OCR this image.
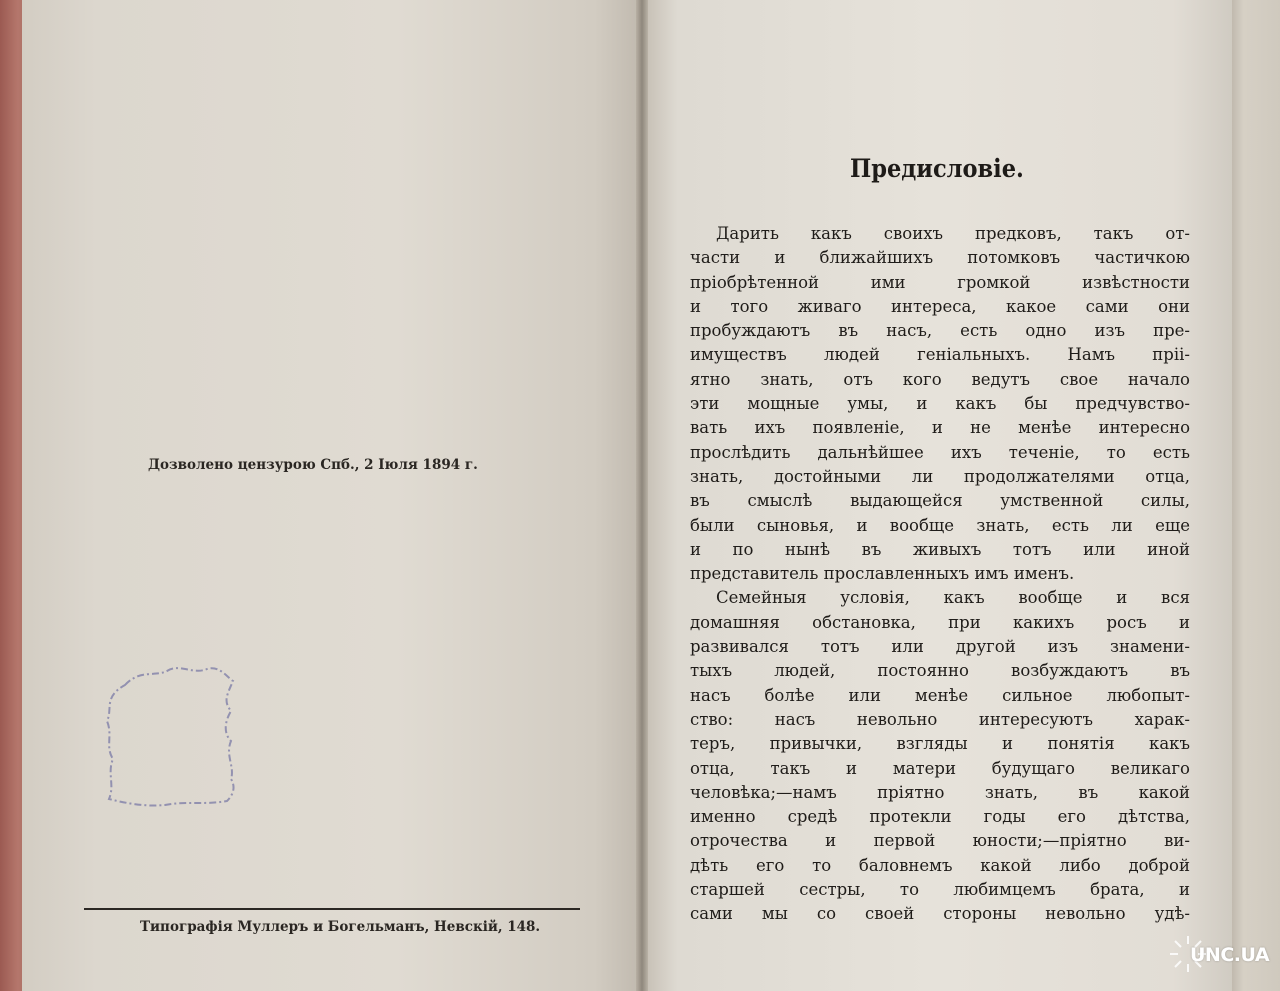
Дозволено цензурою Спб., 2 Іюля 1894 г.
Типографія Муллеръ и Богельманъ, Невскій, 148.
Предисловіе.
Дарить какъ своихъ предковъ, такъ от-
части и ближайшихъ потомковъ частичкою
пріобрѣтенной ими громкой извѣстности
и того живаго интереса, какое сами они
пробуждаютъ въ насъ, есть одно изъ пре-
имуществъ людей геніальныхъ. Намъ пріі-
ятно знать, отъ кого ведутъ свое начало
эти мощные умы, и какъ бы предчувство-
вать ихъ появленіе, и не менѣе интересно
прослѣдить дальнѣйшее ихъ теченіе, то есть
знать, достойными ли продолжателями отца,
въ смыслѣ выдающейся умственной силы,
были сыновья, и вообще знать, есть ли еще
и по нынѣ въ живыхъ тотъ или иной
представитель прославленныхъ имъ именъ.
Семейныя условія, какъ вообще и вся
домашняя обстановка, при какихъ росъ и
развивался тотъ или другой изъ знамени-
тыхъ людей, постоянно возбуждаютъ въ
насъ болѣе или менѣе сильное любопыт-
ство: насъ невольно интересуютъ харак-
теръ, привычки, взгляды и понятія какъ
отца, такъ и матери будущаго великаго
человѣка;—намъ пріятно знать, въ какой
именно средѣ протекли годы его дѣтства,
отрочества и первой юности;—пріятно ви-
дѣть его то баловнемъ какой либо доброй
старшей сестры, то любимцемъ брата, и
сами мы со своей стороны невольно удѣ-
UNC.UA
